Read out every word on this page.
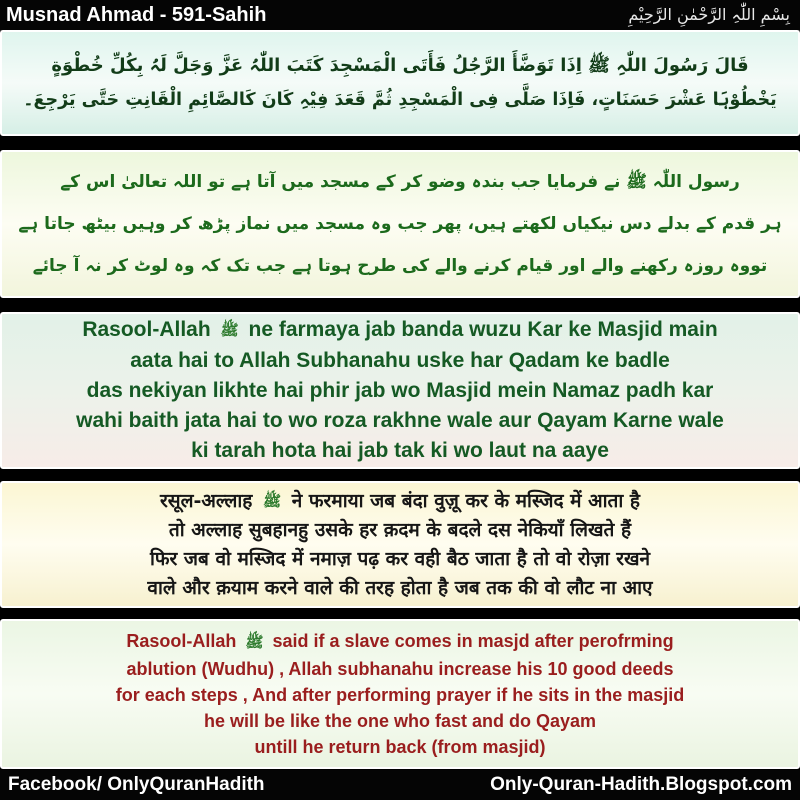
Musnad Ahmad - 591-Sahih	بِسْمِ اللّٰہِ الرَّحْمٰنِ الرَّحِيْمِ
قَالَ رَسُولَ اللّٰہِ ﷺ اِذَا تَوَضَّأَ الرَّجُلُ فَأَتَى الْمَسْجِدَ كَتَبَ اللّٰہُ عَزَّ وَجَلَّ لَہُ بِكُلِّ خُطْوَةٍ
يَخْطُوْہَا عَشْرَ حَسَنَاتٍ، فَاِذَا صَلَّى فِى الْمَسْجِدِ ثُمَّ قَعَدَ فِيْہِ كَانَ كَالصَّائِمِ الْقَانِتِ حَتَّى يَرْجِعَ۔
رسول اللّٰہ ﷺ نے فرمایا جب بندہ وضو کر کے مسجد میں آتا ہے تو اللہ تعالیٰ اس کے
ہر قدم کے بدلے دس نیکیاں لکھتے ہیں، پھر جب وہ مسجد میں نماز پڑھ کر وہیں بیٹھ جاتا ہے
تووہ روزہ رکھنے والے اور قیام کرنے والے کی طرح ہوتا ہے جب تک کہ وہ لوٹ کر نہ آ جائے
Rasool-Allah ﷺ ne farmaya jab banda wuzu Kar ke Masjid main
aata hai to Allah Subhanahu uske har Qadam ke badle
das nekiyan likhte hai phir jab wo Masjid mein Namaz padh kar
wahi baith jata hai to wo roza rakhne wale aur Qayam Karne wale
ki tarah hota hai jab tak ki wo laut na aaye
रसूल-अल्लाह ﷺ ने फरमाया जब बंदा वुज़ू कर के मस्जिद में आता है
तो अल्लाह सुबहानहु उसके हर क़दम के बदले दस नेकियाँ लिखते हैं
फिर जब वो मस्जिद में नमाज़ पढ़ कर वही बैठ जाता है तो वो रोज़ा रखने
वाले और क़याम करने वाले की तरह होता है जब तक की वो लौट ना आए
Rasool-Allah ﷺ said if a slave comes in masjd after perofrming
ablution (Wudhu) , Allah subhanahu increase his 10 good deeds
for each steps , And after performing prayer if he sits in the masjid
he will be like the one who fast and do Qayam
untill he return back (from masjid)
Facebook/ OnlyQuranHadith	Only-Quran-Hadith.Blogspot.com
